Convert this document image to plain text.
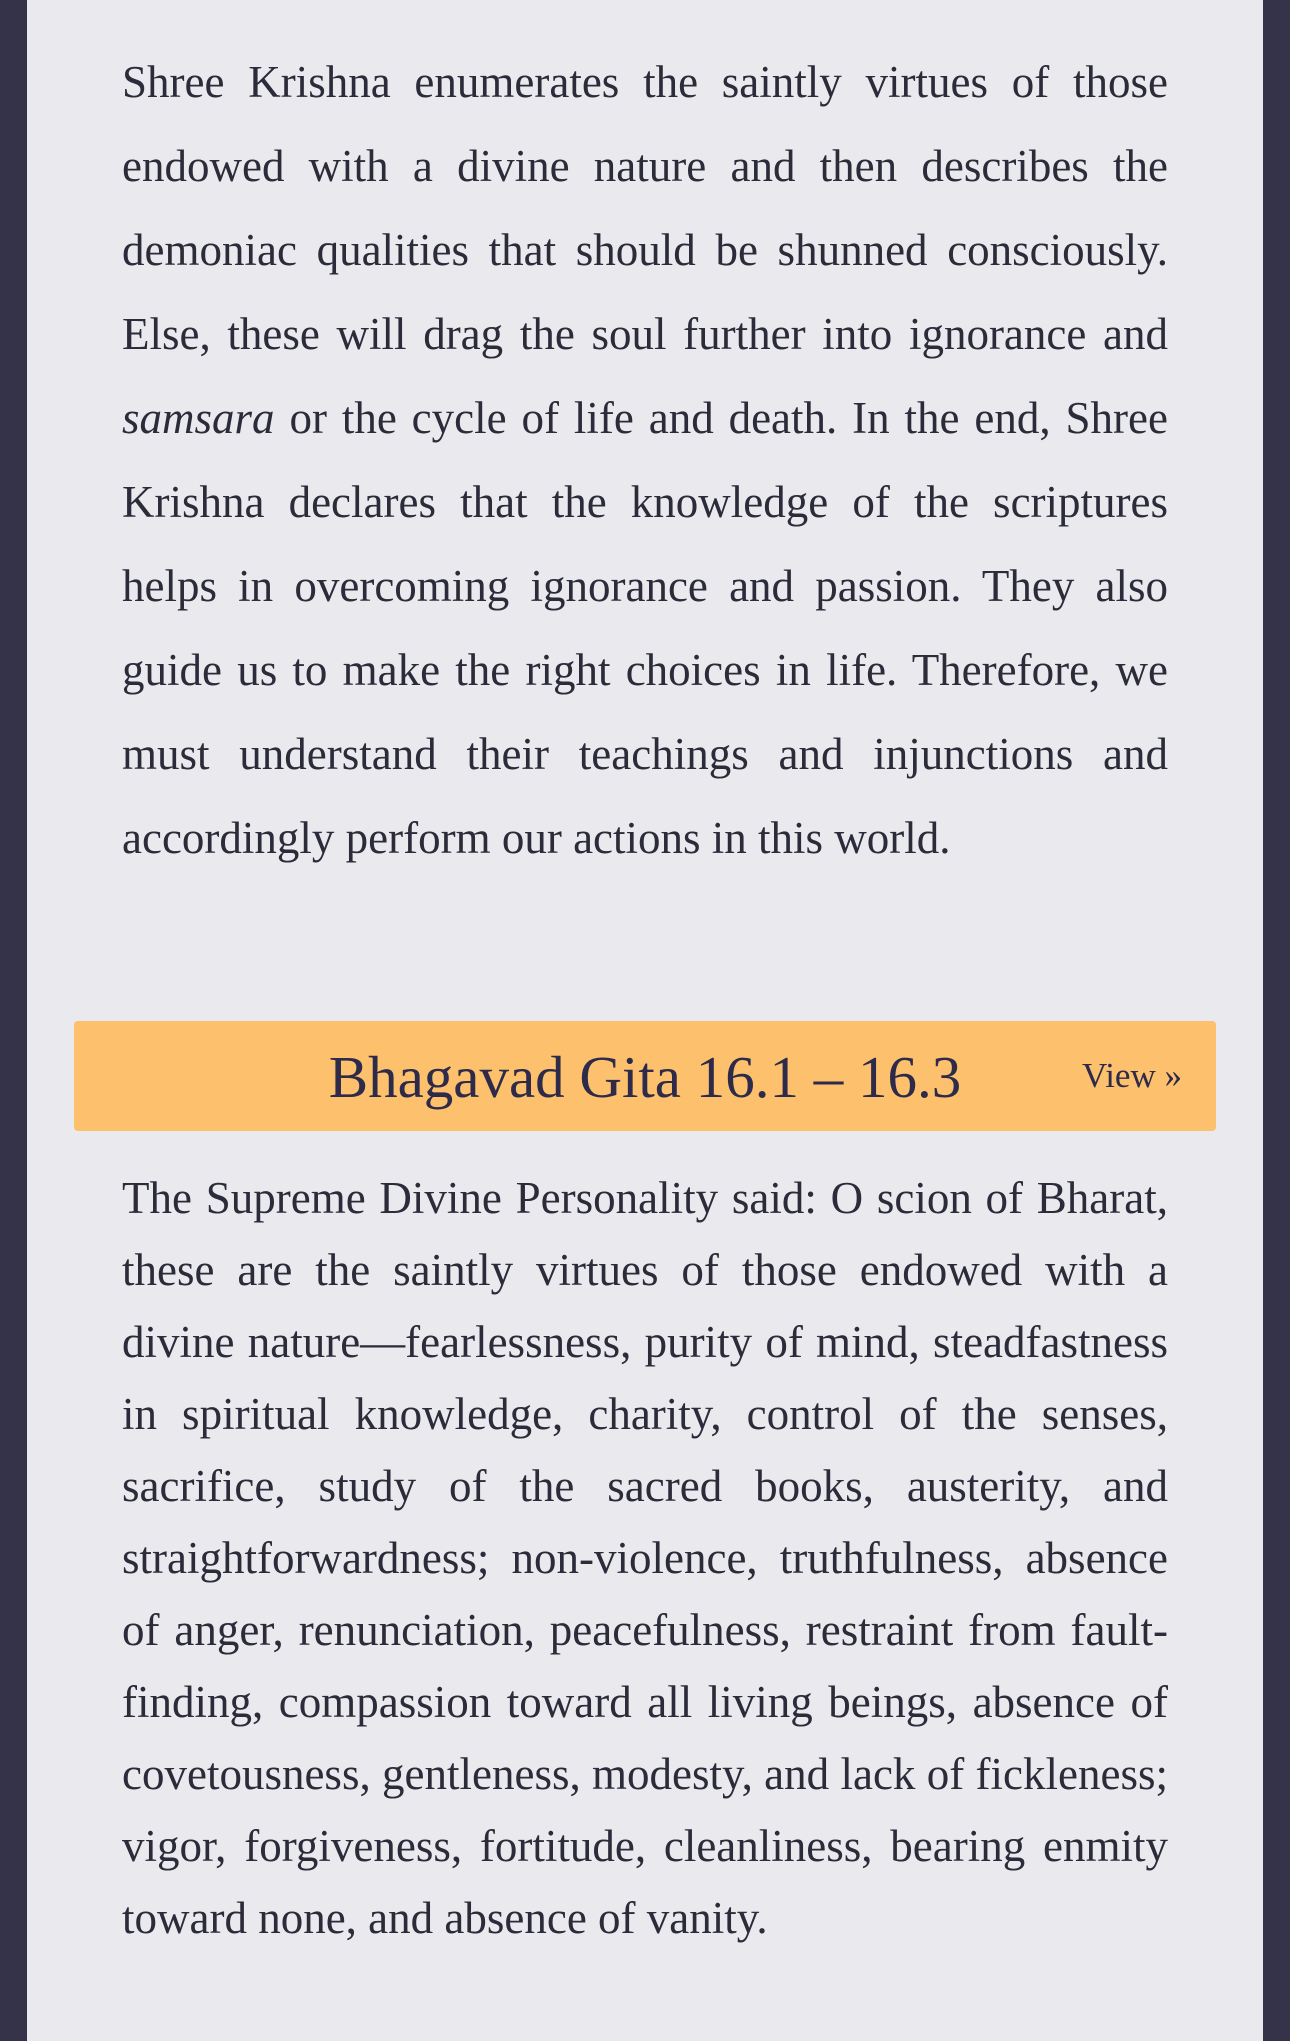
Shree Krishna enumerates the saintly virtues of those endowed with a divine nature and then describes the demoniac qualities that should be shunned consciously. Else, these will drag the soul further into ignorance and samsara or the cycle of life and death. In the end, Shree Krishna declares that the knowledge of the scriptures helps in overcoming ignorance and passion. They also guide us to make the right choices in life. Therefore, we must understand their teachings and injunctions and accordingly perform our actions in this world.

Bhagavad Gita 16.1 – 16.3	View »

The Supreme Divine Personality said: O scion of Bharat, these are the saintly virtues of those endowed with a divine nature—fearlessness, purity of mind, steadfastness in spiritual knowledge, charity, control of the senses, sacrifice, study of the sacred books, austerity, and straightforwardness; non-violence, truthfulness, absence of anger, renunciation, peacefulness, restraint from fault-finding, compassion toward all living beings, absence of covetousness, gentleness, modesty, and lack of fickleness; vigor, forgiveness, fortitude, cleanliness, bearing enmity toward none, and absence of vanity.
